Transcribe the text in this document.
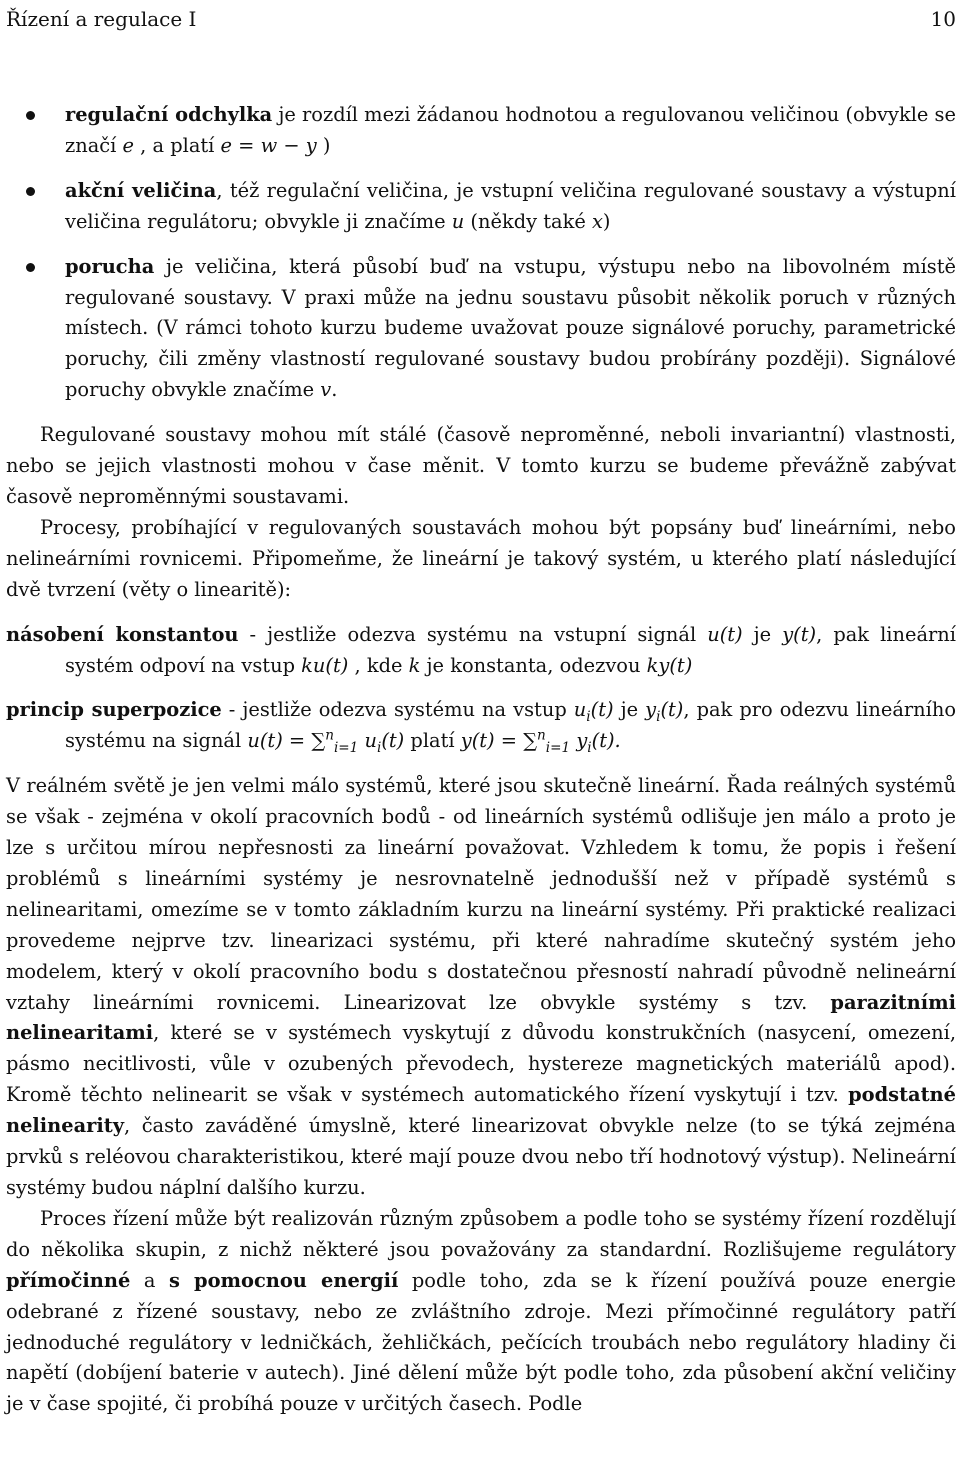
Řízení a regulace I	10
regulační odchylka je rozdíl mezi žádanou hodnotou a regulovanou veličinou (obvykle se značí e , a platí e = w − y )
akční veličina, též regulační veličina, je vstupní veličina regulované soustavy a výstupní veličina regulátoru; obvykle ji značíme u (někdy také x)
porucha je veličina, která působí buď na vstupu, výstupu nebo na libovolném místě regulované soustavy. V praxi může na jednu soustavu působit několik poruch v různých místech. (V rámci tohoto kurzu budeme uvažovat pouze signálové poruchy, parametrické poruchy, čili změny vlastností regulované soustavy budou probírány později). Signálové poruchy obvykle značíme v.

Regulované soustavy mohou mít stálé (časově neproměnné, neboli invariantní) vlastnosti, nebo se jejich vlastnosti mohou v čase měnit. V tomto kurzu se budeme převážně zabývat časově neproměnnými soustavami.

Procesy, probíhající v regulovaných soustavách mohou být popsány buď lineárními, nebo nelineárními rovnicemi. Připomeňme, že lineární je takový systém, u kterého platí následující dvě tvrzení (věty o linearitě):

násobení konstantou - jestliže odezva systému na vstupní signál u(t) je y(t), pak lineární systém odpoví na vstup ku(t) , kde k je konstanta, odezvou ky(t)

princip superpozice - jestliže odezva systému na vstup $u_i(t)$ je $y_i(t)$, pak pro odezvu lineárního systému na signál u(t) = ∑$^n_{i=1}$ $u_i(t)$ platí y(t) = ∑$^n_{i=1}$ $y_i(t)$.

V reálném světě je jen velmi málo systémů, které jsou skutečně lineární. Řada reálných systémů se však - zejména v okolí pracovních bodů - od lineárních systémů odlišuje jen málo a proto je lze s určitou mírou nepřesnosti za lineární považovat. Vzhledem k tomu, že popis i řešení problémů s lineárními systémy je nesrovnatelně jednodušší než v případě systémů s nelinearitami, omezíme se v tomto základním kurzu na lineární systémy. Při praktické realizaci provedeme nejprve tzv. linearizaci systému, při které nahradíme skutečný systém jeho modelem, který v okolí pracovního bodu s dostatečnou přesností nahradí původně nelineární vztahy lineárními rovnicemi. Linearizovat lze obvykle systémy s tzv. parazitními nelinearitami, které se v systémech vyskytují z důvodu konstrukčních (nasycení, omezení, pásmo necitlivosti, vůle v ozubených převodech, hystereze magnetických materiálů apod). Kromě těchto nelinearit se však v systémech automatického řízení vyskytují i tzv. podstatné nelinearity, často zaváděné úmyslně, které linearizovat obvykle nelze (to se týká zejména prvků s reléovou charakteristikou, které mají pouze dvou nebo tří hodnotový výstup). Nelineární systémy budou náplní dalšího kurzu.

Proces řízení může být realizován různým způsobem a podle toho se systémy řízení rozdělují do několika skupin, z nichž některé jsou považovány za standardní. Rozlišujeme regulátory přímočinné a s pomocnou energií podle toho, zda se k řízení používá pouze energie odebrané z řízené soustavy, nebo ze zvláštního zdroje. Mezi přímočinné regulátory patří jednoduché regulátory v ledničkách, žehličkách, pečících troubách nebo regulátory hladiny či napětí (dobíjení baterie v autech). Jiné dělení může být podle toho, zda působení akční veličiny je v čase spojité, či probíhá pouze v určitých časech. Podle
